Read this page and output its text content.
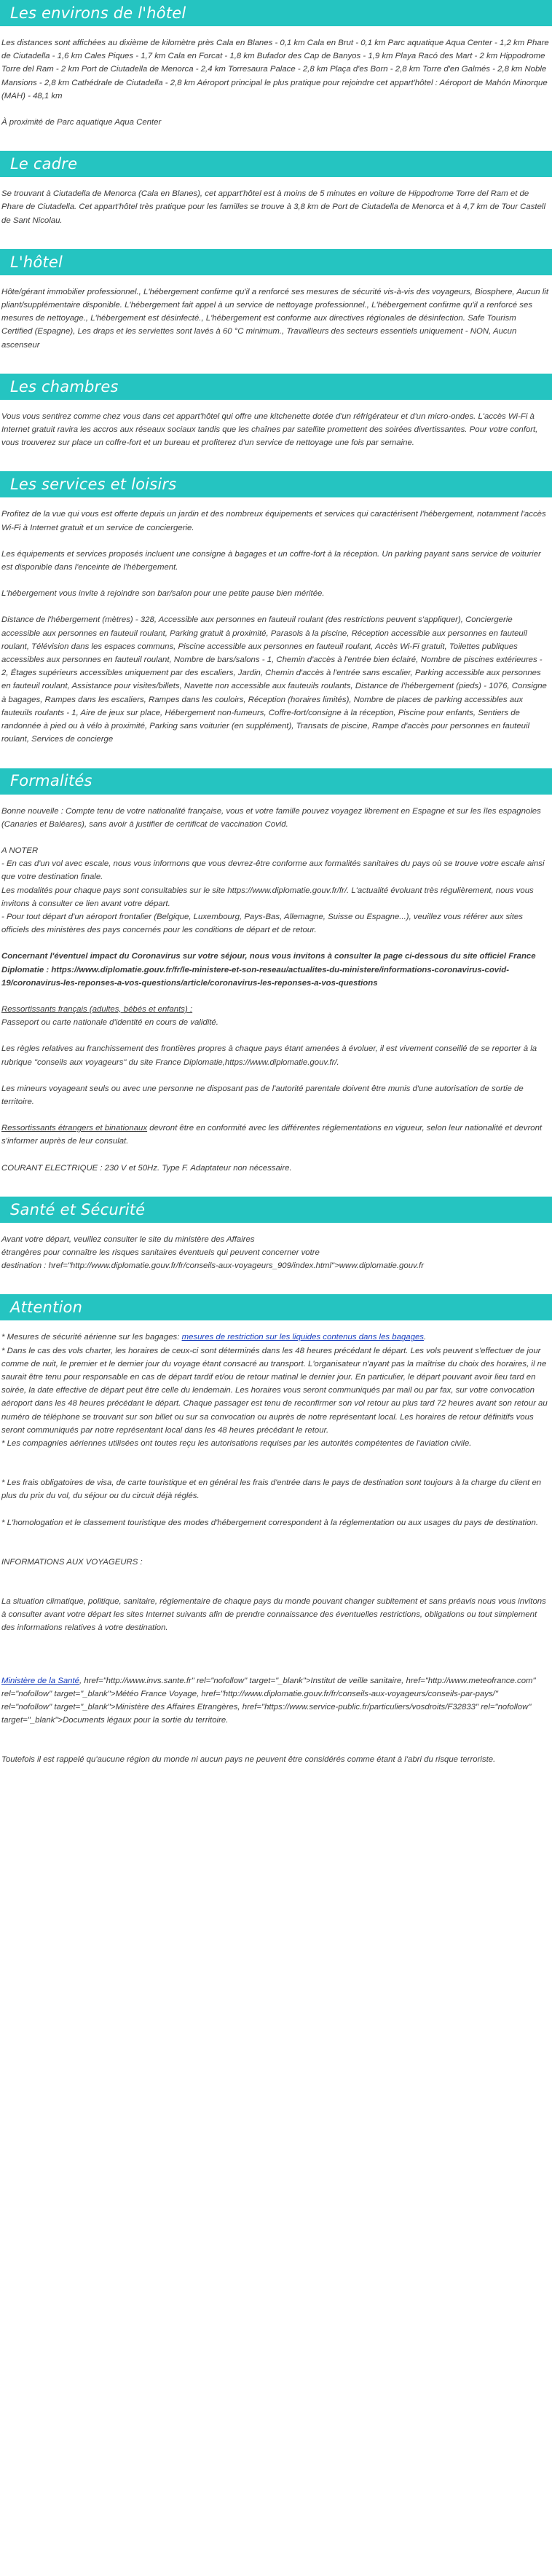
Les environs de l'hôtel

Les distances sont affichées au dixième de kilomètre près Cala en Blanes - 0,1 km Cala en Brut - 0,1 km Parc aquatique Aqua Center - 1,2 km Phare de Ciutadella - 1,6 km Cales Piques - 1,7 km Cala en Forcat - 1,8 km Bufador des Cap de Banyos - 1,9 km Playa Racó des Mart - 2 km Hippodrome Torre del Ram - 2 km Port de Ciutadella de Menorca - 2,4 km Torresaura Palace - 2,8 km Plaça d'es Born - 2,8 km Torre d'en Galmés - 2,8 km Noble Mansions - 2,8 km Cathédrale de Ciutadella - 2,8 km Aéroport principal le plus pratique pour rejoindre cet appart'hôtel : Aéroport de Mahón Minorque (MAH) - 48,1 km

À proximité de Parc aquatique Aqua Center

Le cadre

Se trouvant à Ciutadella de Menorca (Cala en Blanes), cet appart'hôtel est à moins de 5 minutes en voiture de Hippodrome Torre del Ram et de Phare de Ciutadella. Cet appart'hôtel très pratique pour les familles se trouve à 3,8 km de Port de Ciutadella de Menorca et à 4,7 km de Tour Castell de Sant Nicolau.

L'hôtel

Hôte/gérant immobilier professionnel., L'hébergement confirme qu'il a renforcé ses mesures de sécurité vis-à-vis des voyageurs, Biosphere, Aucun lit pliant/supplémentaire disponible. L'hébergement fait appel à un service de nettoyage professionnel., L'hébergement confirme qu'il a renforcé ses mesures de nettoyage., L'hébergement est désinfecté., L'hébergement est conforme aux directives régionales de désinfection. Safe Tourism Certified (Espagne), Les draps et les serviettes sont lavés à 60 °C minimum., Travailleurs des secteurs essentiels uniquement - NON, Aucun ascenseur

Les chambres

Vous vous sentirez comme chez vous dans cet appart'hôtel qui offre une kitchenette dotée d'un réfrigérateur et d'un micro-ondes. L'accès Wi-Fi à Internet gratuit ravira les accros aux réseaux sociaux tandis que les chaînes par satellite promettent des soirées divertissantes. Pour votre confort, vous trouverez sur place un coffre-fort et un bureau et profiterez d'un service de nettoyage une fois par semaine.

Les services et loisirs

Profitez de la vue qui vous est offerte depuis un jardin et des nombreux équipements et services qui caractérisent l'hébergement, notamment l'accès Wi-Fi à Internet gratuit et un service de conciergerie.

Les équipements et services proposés incluent une consigne à bagages et un coffre-fort à la réception. Un parking payant sans service de voiturier est disponible dans l'enceinte de l'hébergement.

L'hébergement vous invite à rejoindre son bar/salon pour une petite pause bien méritée.

Distance de l'hébergement (mètres) - 328, Accessible aux personnes en fauteuil roulant (des restrictions peuvent s'appliquer), Conciergerie accessible aux personnes en fauteuil roulant, Parking gratuit à proximité, Parasols à la piscine, Réception accessible aux personnes en fauteuil roulant, Télévision dans les espaces communs, Piscine accessible aux personnes en fauteuil roulant, Accès Wi-Fi gratuit, Toilettes publiques accessibles aux personnes en fauteuil roulant, Nombre de bars/salons - 1, Chemin d'accès à l'entrée bien éclairé, Nombre de piscines extérieures - 2, Étages supérieurs accessibles uniquement par des escaliers, Jardin, Chemin d'accès à l'entrée sans escalier, Parking accessible aux personnes en fauteuil roulant, Assistance pour visites/billets, Navette non accessible aux fauteuils roulants, Distance de l'hébergement (pieds) - 1076, Consigne à bagages, Rampes dans les escaliers, Rampes dans les couloirs, Réception (horaires limités), Nombre de places de parking accessibles aux fauteuils roulants - 1, Aire de jeux sur place, Hébergement non-fumeurs, Coffre-fort/consigne à la réception, Piscine pour enfants, Sentiers de randonnée à pied ou à vélo à proximité, Parking sans voiturier (en supplément), Transats de piscine, Rampe d'accès pour personnes en fauteuil roulant, Services de concierge

Formalités

Bonne nouvelle : Compte tenu de votre nationalité française, vous et votre famille pouvez voyagez librement en Espagne et sur les îles espagnoles (Canaries et Baléares), sans avoir à justifier de certificat de vaccination Covid.

A NOTER

- En cas d'un vol avec escale, nous vous informons que vous devrez-être conforme aux formalités sanitaires du pays où se trouve votre escale ainsi que votre destination finale.

Les modalités pour chaque pays sont consultables sur le site https://www.diplomatie.gouv.fr/fr/. L'actualité évoluant très régulièrement, nous vous invitons à consulter ce lien avant votre départ.

- Pour tout départ d'un aéroport frontalier (Belgique, Luxembourg, Pays-Bas, Allemagne, Suisse ou Espagne...), veuillez vous référer aux sites officiels des ministères des pays concernés pour les conditions de départ et de retour.

Concernant l'éventuel impact du Coronavirus sur votre séjour, nous vous invitons à consulter la page ci-dessous du site officiel France Diplomatie : https://www.diplomatie.gouv.fr/fr/le-ministere-et-son-reseau/actualites-du-ministere/informations-coronavirus-covid-19/coronavirus-les-reponses-a-vos-questions/article/coronavirus-les-reponses-a-vos-questions

Ressortissants français (adultes, bébés et enfants) :

Passeport ou carte nationale d'identité en cours de validité.

Les règles relatives au franchissement des frontières propres à chaque pays étant amenées à évoluer, il est vivement conseillé de se reporter à la rubrique "conseils aux voyageurs" du site France Diplomatie,https://www.diplomatie.gouv.fr/.

Les mineurs voyageant seuls ou avec une personne ne disposant pas de l'autorité parentale doivent être munis d'une autorisation de sortie de territoire.

Ressortissants étrangers et binationaux devront être en conformité avec les différentes réglementations en vigueur, selon leur nationalité et devront s'informer auprès de leur consulat.

COURANT ELECTRIQUE : 230 V et 50Hz. Type F. Adaptateur non nécessaire.

Santé et Sécurité

Avant votre départ, veuillez consulter le site du ministère des Affaires

étrangères pour connaître les risques sanitaires éventuels qui peuvent concerner votre

destination : href="http://www.diplomatie.gouv.fr/fr/conseils-aux-voyageurs_909/index.html">www.diplomatie.gouv.fr

Attention

* Mesures de sécurité aérienne sur les bagages: mesures de restriction sur les liquides contenus dans les bagages.

* Dans le cas des vols charter, les horaires de ceux-ci sont déterminés dans les 48 heures précédant le départ. Les vols peuvent s'effectuer de jour comme de nuit, le premier et le dernier jour du voyage étant consacré au transport. L'organisateur n'ayant pas la maîtrise du choix des horaires, il ne saurait être tenu pour responsable en cas de départ tardif et/ou de retour matinal le dernier jour. En particulier, le départ pouvant avoir lieu tard en soirée, la date effective de départ peut être celle du lendemain. Les horaires vous seront communiqués par mail ou par fax, sur votre convocation aéroport dans les 48 heures précédant le départ. Chaque passager est tenu de reconfirmer son vol retour au plus tard 72 heures avant son retour au numéro de téléphone se trouvant sur son billet ou sur sa convocation ou auprès de notre représentant local. Les horaires de retour définitifs vous seront communiqués par notre représentant local dans les 48 heures précédant le retour.

* Les compagnies aériennes utilisées ont toutes reçu les autorisations requises par les autorités compétentes de l'aviation civile.

* Les frais obligatoires de visa, de carte touristique et en général les frais d'entrée dans le pays de destination sont toujours à la charge du client en plus du prix du vol, du séjour ou du circuit déjà réglés.

* L'homologation et le classement touristique des modes d'hébergement correspondent à la réglementation ou aux usages du pays de destination.

INFORMATIONS AUX VOYAGEURS :

La situation climatique, politique, sanitaire, réglementaire de chaque pays du monde pouvant changer subitement et sans préavis nous vous invitons à consulter avant votre départ les sites Internet suivants afin de prendre connaissance des éventuelles restrictions, obligations ou tout simplement des informations relatives à votre destination.

Ministère de la Santé, href="http://www.invs.sante.fr" rel="nofollow" target="_blank">Institut de veille sanitaire, href="http://www.meteofrance.com" rel="nofollow" target="_blank">Météo France Voyage, href="http://www.diplomatie.gouv.fr/fr/conseils-aux-voyageurs/conseils-par-pays/" rel="nofollow" target="_blank">Ministère des Affaires Etrangères, href="https://www.service-public.fr/particuliers/vosdroits/F32833" rel="nofollow" target="_blank">Documents légaux pour la sortie du territoire.

Toutefois il est rappelé qu'aucune région du monde ni aucun pays ne peuvent être considérés comme étant à l'abri du risque terroriste.
